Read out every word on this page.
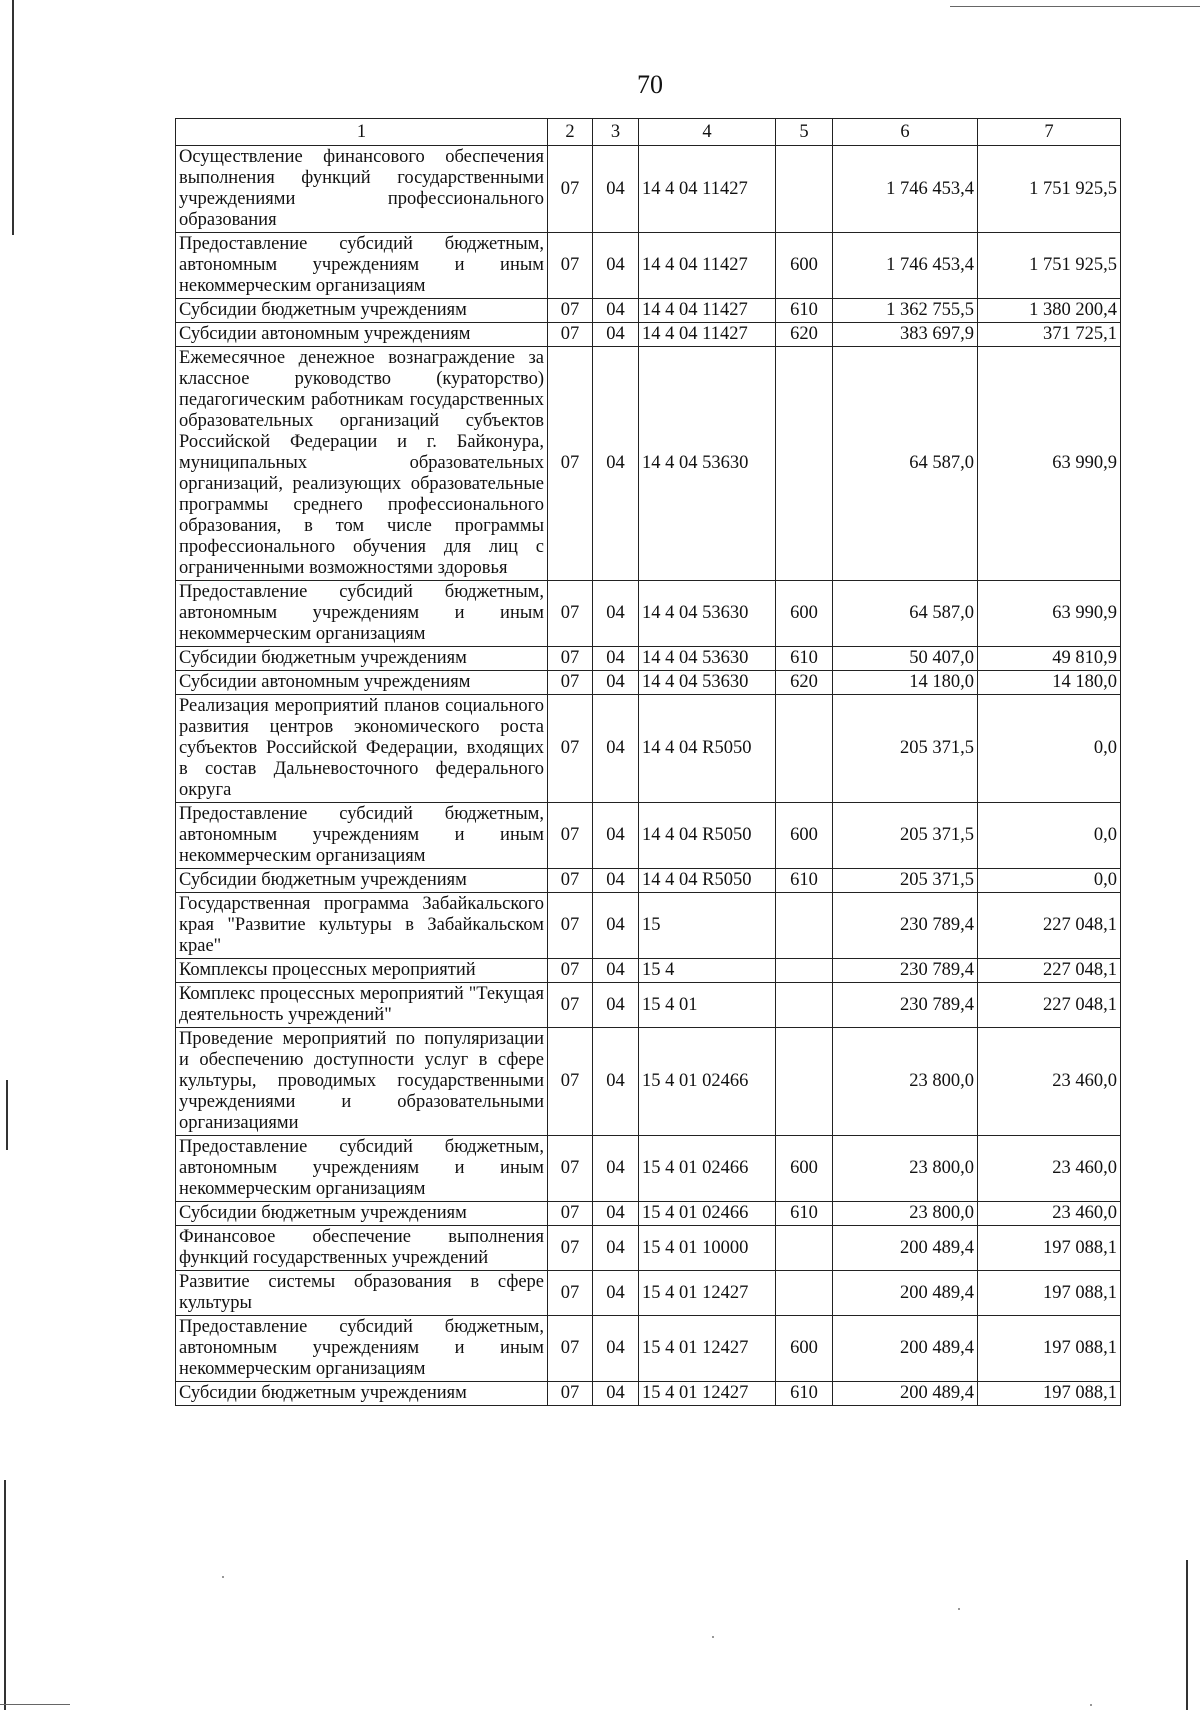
70
1	2	3	4	5	6	7
Осуществление финансового обеспечения выполнения функций государственными учреждениями профессионального образования	07	04	14 4 04 11427		1 746 453,4	1 751 925,5
Предоставление субсидий бюджетным, автономным учреждениям и иным некоммерческим организациям	07	04	14 4 04 11427	600	1 746 453,4	1 751 925,5
Субсидии бюджетным учреждениям	07	04	14 4 04 11427	610	1 362 755,5	1 380 200,4
Субсидии автономным учреждениям	07	04	14 4 04 11427	620	383 697,9	371 725,1
Ежемесячное денежное вознаграждение за классное руководство (кураторство) педагогическим работникам государственных образовательных организаций субъектов Российской Федерации и г. Байконура, муниципальных образовательных организаций, реализующих образовательные программы среднего профессионального образования, в том числе программы профессионального обучения для лиц с ограниченными возможностями здоровья	07	04	14 4 04 53630		64 587,0	63 990,9
Предоставление субсидий бюджетным, автономным учреждениям и иным некоммерческим организациям	07	04	14 4 04 53630	600	64 587,0	63 990,9
Субсидии бюджетным учреждениям	07	04	14 4 04 53630	610	50 407,0	49 810,9
Субсидии автономным учреждениям	07	04	14 4 04 53630	620	14 180,0	14 180,0
Реализация мероприятий планов социального развития центров экономического роста субъектов Российской Федерации, входящих в состав Дальневосточного федерального округа	07	04	14 4 04 R5050		205 371,5	0,0
Предоставление субсидий бюджетным, автономным учреждениям и иным некоммерческим организациям	07	04	14 4 04 R5050	600	205 371,5	0,0
Субсидии бюджетным учреждениям	07	04	14 4 04 R5050	610	205 371,5	0,0
Государственная программа Забайкальского края "Развитие культуры в Забайкальском крае"	07	04	15		230 789,4	227 048,1
Комплексы процессных мероприятий	07	04	15 4		230 789,4	227 048,1
Комплекс процессных мероприятий "Текущая деятельность учреждений"	07	04	15 4 01		230 789,4	227 048,1
Проведение мероприятий по популяризации и обеспечению доступности услуг в сфере культуры, проводимых государственными учреждениями и образовательными организациями	07	04	15 4 01 02466		23 800,0	23 460,0
Предоставление субсидий бюджетным, автономным учреждениям и иным некоммерческим организациям	07	04	15 4 01 02466	600	23 800,0	23 460,0
Субсидии бюджетным учреждениям	07	04	15 4 01 02466	610	23 800,0	23 460,0
Финансовое обеспечение выполнения функций государственных учреждений	07	04	15 4 01 10000		200 489,4	197 088,1
Развитие системы образования в сфере культуры	07	04	15 4 01 12427		200 489,4	197 088,1
Предоставление субсидий бюджетным, автономным учреждениям и иным некоммерческим организациям	07	04	15 4 01 12427	600	200 489,4	197 088,1
Субсидии бюджетным учреждениям	07	04	15 4 01 12427	610	200 489,4	197 088,1
